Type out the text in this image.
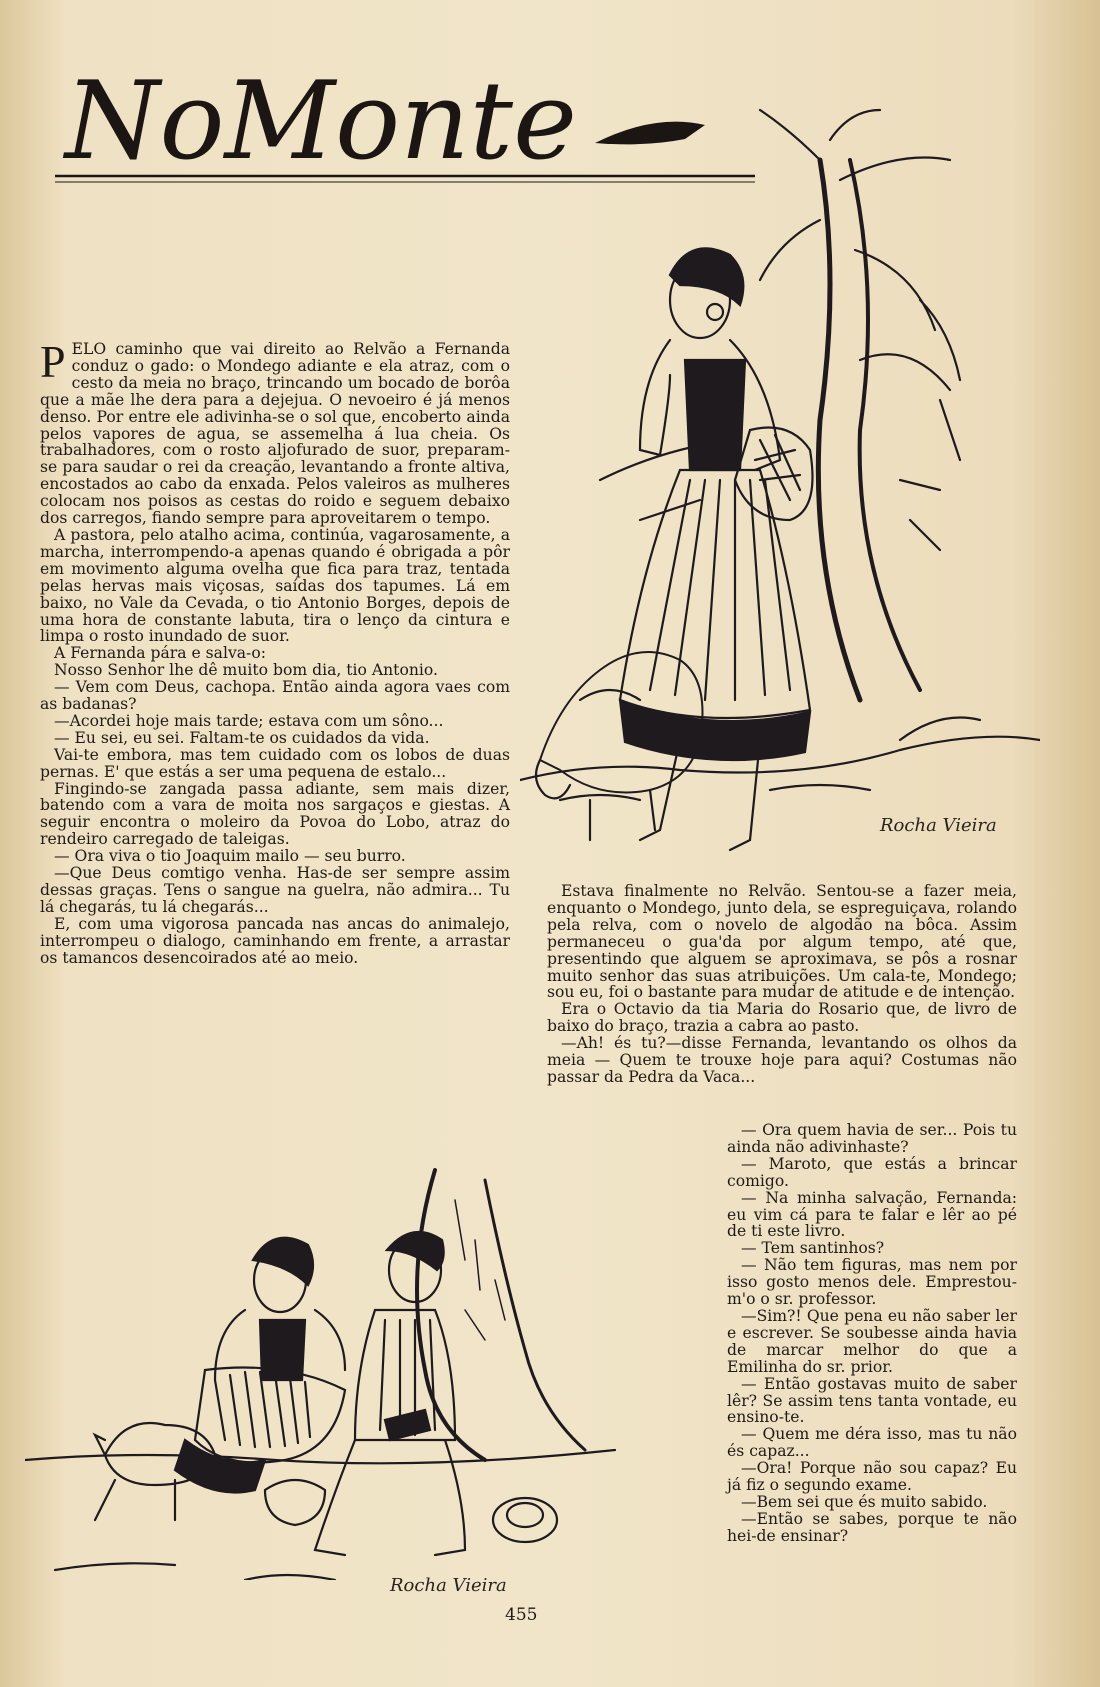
NoMonte
Rocha Vieira

PELO caminho que vai direito ao Relvão a Fernanda conduz o gado: o Mondego adiante e ela atraz, com o cesto da meia no braço, trincando um bocado de borôa que a mãe lhe dera para a dejejua. O nevoeiro é já menos denso. Por entre ele adivinha-se o sol que, encoberto ainda pelos vapores de agua, se assemelha á lua cheia. Os trabalhadores, com o rosto aljofurado de suor, preparam-se para saudar o rei da creação, levantando a fronte altiva, encostados ao cabo da enxada. Pelos valeiros as mulheres colocam nos poisos as cestas do roido e seguem debaixo dos carregos, fiando sempre para aproveitarem o tempo.

A pastora, pelo atalho acima, continúa, vagarosamente, a marcha, interrompendo-a apenas quando é obrigada a pôr em movimento alguma ovelha que fica para traz, tentada pelas hervas mais viçosas, saídas dos tapumes. Lá em baixo, no Vale da Cevada, o tio Antonio Borges, depois de uma hora de constante labuta, tira o lenço da cintura e limpa o rosto inundado de suor.

A Fernanda pára e salva-o:

Nosso Senhor lhe dê muito bom dia, tio Antonio.

— Vem com Deus, cachopa. Então ainda agora vaes com as badanas?

—Acordei hoje mais tarde; estava com um sôno...

— Eu sei, eu sei. Faltam-te os cuidados da vida.

Vai-te embora, mas tem cuidado com os lobos de duas pernas. E' que estás a ser uma pequena de estalo...

Fingindo-se zangada passa adiante, sem mais dizer, batendo com a vara de moita nos sargaços e giestas. A seguir encontra o moleiro da Povoa do Lobo, atraz do rendeiro carregado de taleigas.

— Ora viva o tio Joaquim mailo — seu burro.

—Que Deus comtigo venha. Has-de ser sempre assim dessas graças. Tens o sangue na guelra, não admira... Tu lá chegarás, tu lá chegarás...

E, com uma vigorosa pancada nas ancas do animalejo, interrompeu o dialogo, caminhando em frente, a arrastar os tamancos desencoirados até ao meio.

Estava finalmente no Relvão. Sentou-se a fazer meia, enquanto o Mondego, junto dela, se espreguiçava, rolando pela relva, com o novelo de algodão na bôca. Assim permaneceu o gua'da por algum tempo, até que, presentindo que alguem se aproximava, se pôs a rosnar muito senhor das suas atribuições. Um cala-te, Mondego; sou eu, foi o bastante para mudar de atitude e de intenção.

Era o Octavio da tia Maria do Rosario que, de livro de baixo do braço, trazia a cabra ao pasto.

—Ah! és tu?—disse Fernanda, levantando os olhos da meia — Quem te trouxe hoje para aqui? Costumas não passar da Pedra da Vaca...

— Ora quem havia de ser... Pois tu ainda não adivinhaste?

— Maroto, que estás a brincar comigo.

— Na minha salvação, Fernanda: eu vim cá para te falar e lêr ao pé de ti este livro.

— Tem santinhos?

— Não tem figuras, mas nem por isso gosto menos dele. Emprestou-m'o o sr. professor.

—Sim?! Que pena eu não saber ler e escrever. Se soubesse ainda havia de marcar melhor do que a Emilinha do sr. prior.

— Então gostavas muito de saber lêr? Se assim tens tanta vontade, eu ensino-te.

— Quem me déra isso, mas tu não és capaz...

—Ora! Porque não sou capaz? Eu já fiz o segundo exame.

—Bem sei que és muito sabido.

—Então se sabes, porque te não hei-de ensinar?

Rocha Vieira
455
